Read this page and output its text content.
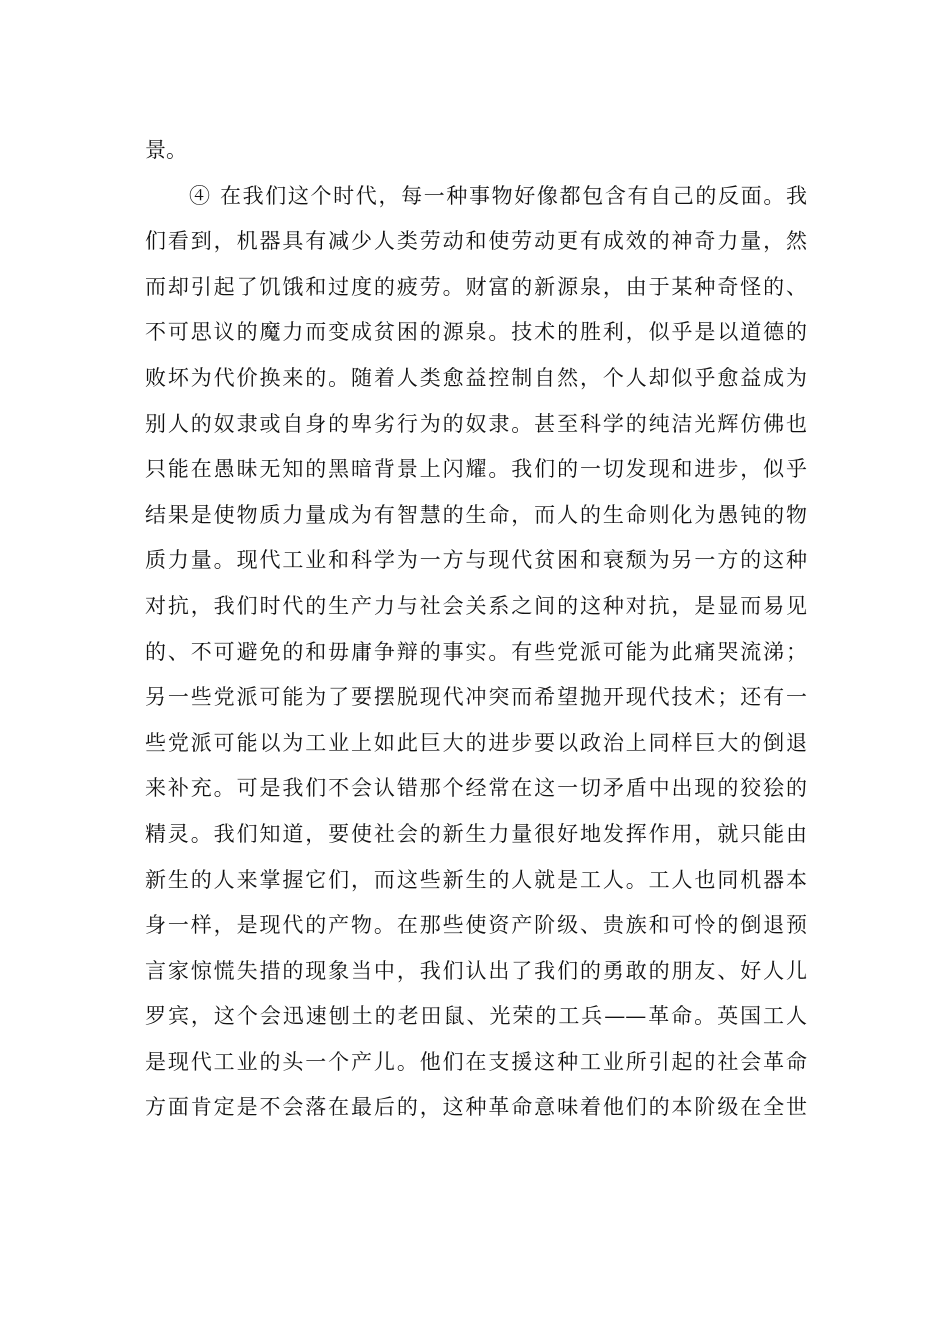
景。
④ 在我们这个时代，每一种事物好像都包含有自己的反面。我
们看到，机器具有减少人类劳动和使劳动更有成效的神奇力量，然
而却引起了饥饿和过度的疲劳。财富的新源泉，由于某种奇怪的、
不可思议的魔力而变成贫困的源泉。技术的胜利，似乎是以道德的
败坏为代价换来的。随着人类愈益控制自然，个人却似乎愈益成为
别人的奴隶或自身的卑劣行为的奴隶。甚至科学的纯洁光辉仿佛也
只能在愚昧无知的黑暗背景上闪耀。我们的一切发现和进步，似乎
结果是使物质力量成为有智慧的生命，而人的生命则化为愚钝的物
质力量。现代工业和科学为一方与现代贫困和衰颓为另一方的这种
对抗，我们时代的生产力与社会关系之间的这种对抗，是显而易见
的、不可避免的和毋庸争辩的事实。有些党派可能为此痛哭流涕；
另一些党派可能为了要摆脱现代冲突而希望抛开现代技术；还有一
些党派可能以为工业上如此巨大的进步要以政治上同样巨大的倒退
来补充。可是我们不会认错那个经常在这一切矛盾中出现的狡狯的
精灵。我们知道，要使社会的新生力量很好地发挥作用，就只能由
新生的人来掌握它们，而这些新生的人就是工人。工人也同机器本
身一样，是现代的产物。在那些使资产阶级、贵族和可怜的倒退预
言家惊慌失措的现象当中，我们认出了我们的勇敢的朋友、好人儿
罗宾，这个会迅速刨土的老田鼠、光荣的工兵——革命。英国工人
是现代工业的头一个产儿。他们在支援这种工业所引起的社会革命
方面肯定是不会落在最后的，这种革命意味着他们的本阶级在全世
